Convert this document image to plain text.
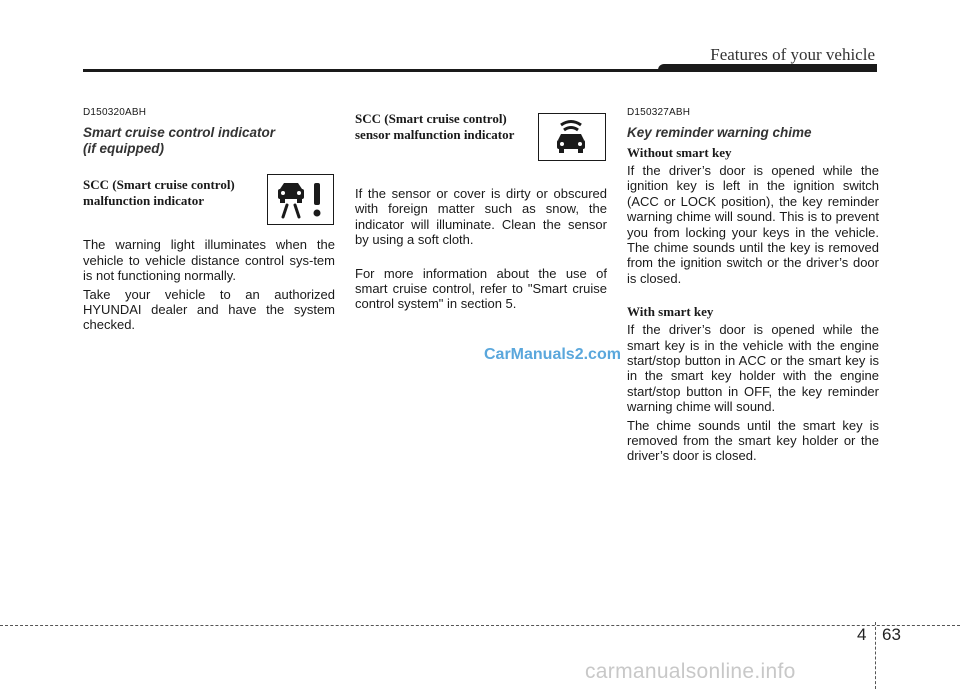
Features of your vehicle

D150320ABH

Smart cruise control indicator

(if equipped)

SCC (Smart cruise control)

malfunction indicator

The warning light illuminates when the vehicle to vehicle distance control sys-tem is not functioning normally.

Take your vehicle to an authorized HYUNDAI dealer and have the system checked.

SCC (Smart cruise control)

sensor malfunction indicator

If the sensor or cover is dirty or obscured with foreign matter such as snow, the indicator will illuminate. Clean the sensor by using a soft cloth.

For more information about the use of smart cruise control, refer to "Smart cruise control system" in section 5.

D150327ABH

Key reminder warning chime

Without smart key

If the driver’s door is opened while the ignition key is left in the ignition switch (ACC or LOCK position), the key reminder warning chime will sound. This is to prevent you from locking your keys in the vehicle. The chime sounds until the key is removed from the ignition switch or the driver’s door is closed.

With smart key

If the driver’s door is opened while the smart key is in the vehicle with the engine start/stop button in ACC or the smart key is in the smart key holder with the engine start/stop button in OFF, the key reminder warning chime will sound.

The chime sounds until the smart key is removed from the smart key holder or the driver’s door is closed.

CarManuals2.com
4 63
carmanualsonline.info
